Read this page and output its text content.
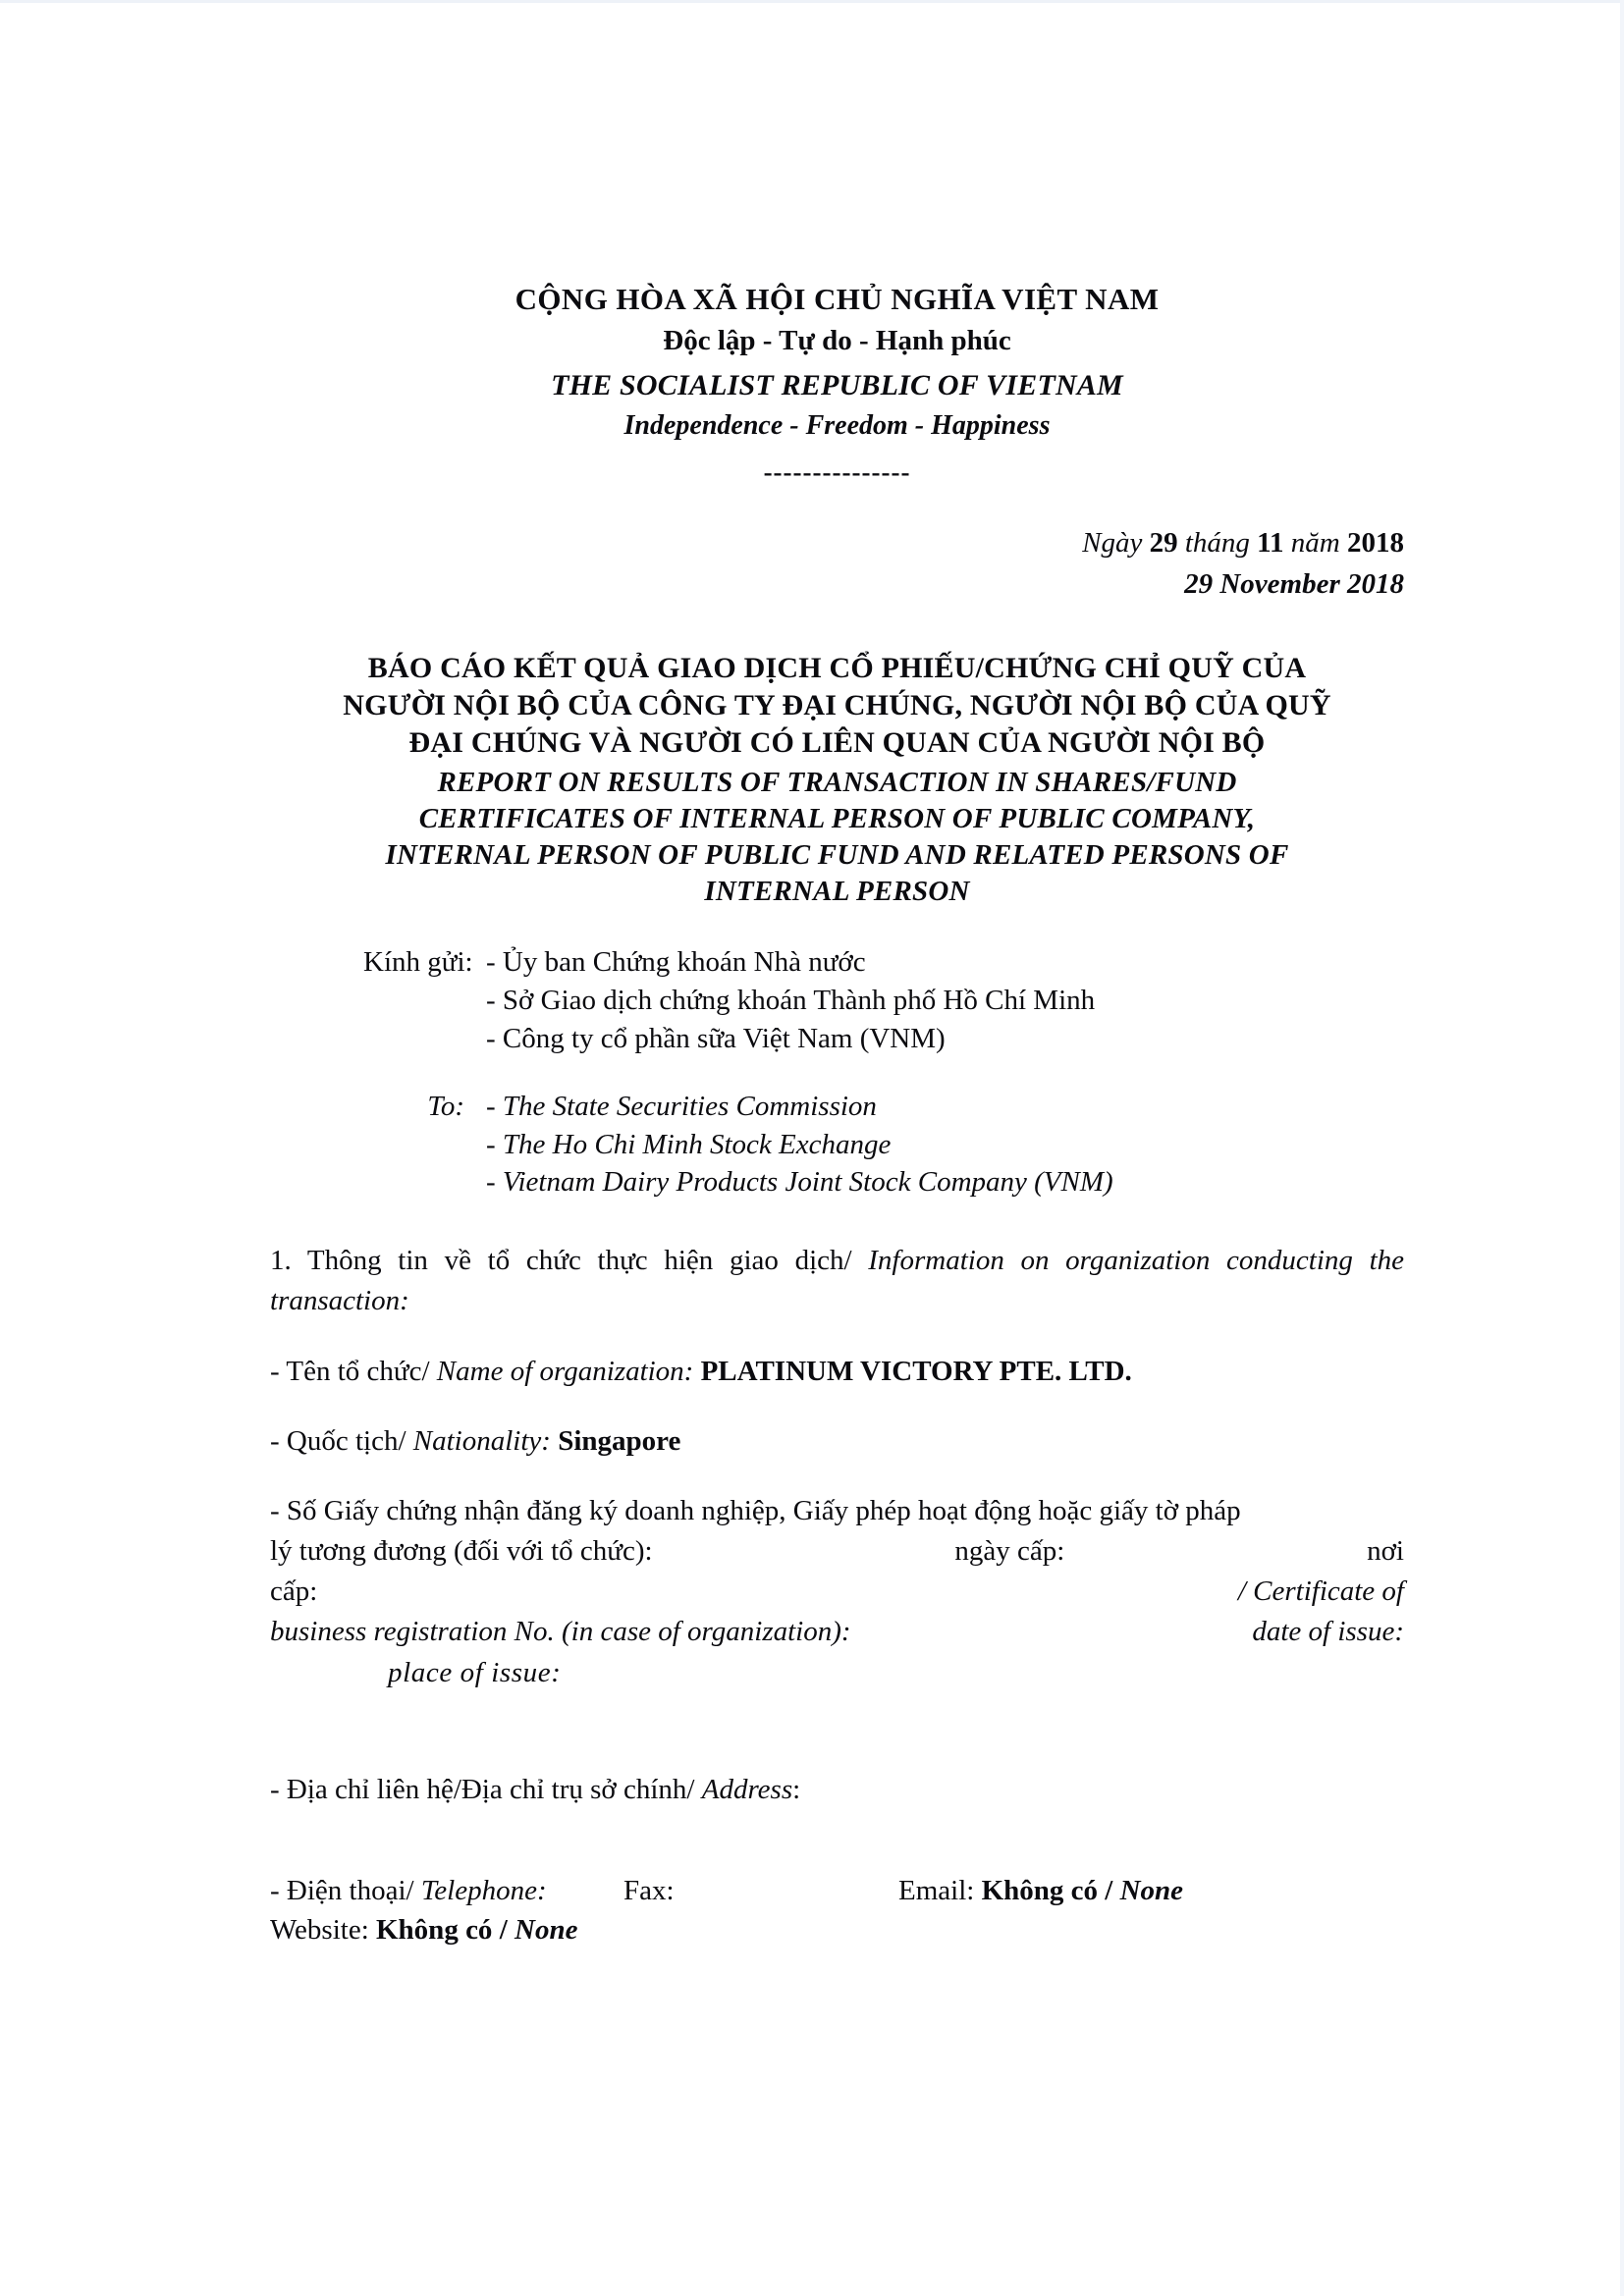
CỘNG HÒA XÃ HỘI CHỦ NGHĨA VIỆT NAM
Độc lập - Tự do - Hạnh phúc
THE SOCIALIST REPUBLIC OF VIETNAM
Independence - Freedom - Happiness
---------------
Ngày 29 tháng 11 năm 2018
29 November 2018
BÁO CÁO KẾT QUẢ GIAO DỊCH CỔ PHIẾU/CHỨNG CHỈ QUỸ CỦA
NGƯỜI NỘI BỘ CỦA CÔNG TY ĐẠI CHÚNG, NGƯỜI NỘI BỘ CỦA QUỸ
ĐẠI CHÚNG VÀ NGƯỜI CÓ LIÊN QUAN CỦA NGƯỜI NỘI BỘ
REPORT ON RESULTS OF TRANSACTION IN SHARES/FUND
CERTIFICATES OF INTERNAL PERSON OF PUBLIC COMPANY,
INTERNAL PERSON OF PUBLIC FUND AND RELATED PERSONS OF
INTERNAL PERSON
Kính gửi: - Ủy ban Chứng khoán Nhà nước
- Sở Giao dịch chứng khoán Thành phố Hồ Chí Minh
- Công ty cổ phần sữa Việt Nam (VNM)
To: - The State Securities Commission
- The Ho Chi Minh Stock Exchange
- Vietnam Dairy Products Joint Stock Company (VNM)
1. Thông tin về tổ chức thực hiện giao dịch/ Information on organization conducting the transaction:
- Tên tổ chức/ Name of organization: PLATINUM VICTORY PTE. LTD.
- Quốc tịch/ Nationality: Singapore
- Số Giấy chứng nhận đăng ký doanh nghiệp, Giấy phép hoạt động hoặc giấy tờ pháp
lý tương đương (đối với tổ chức):	ngày cấp:	nơi
cấp:	/ Certificate of
business registration No. (in case of organization):	date of issue:
place of issue:
- Địa chỉ liên hệ/Địa chỉ trụ sở chính/ Address:
- Điện thoại/ Telephone:	Fax:	Email: Không có / None
Website: Không có / None
